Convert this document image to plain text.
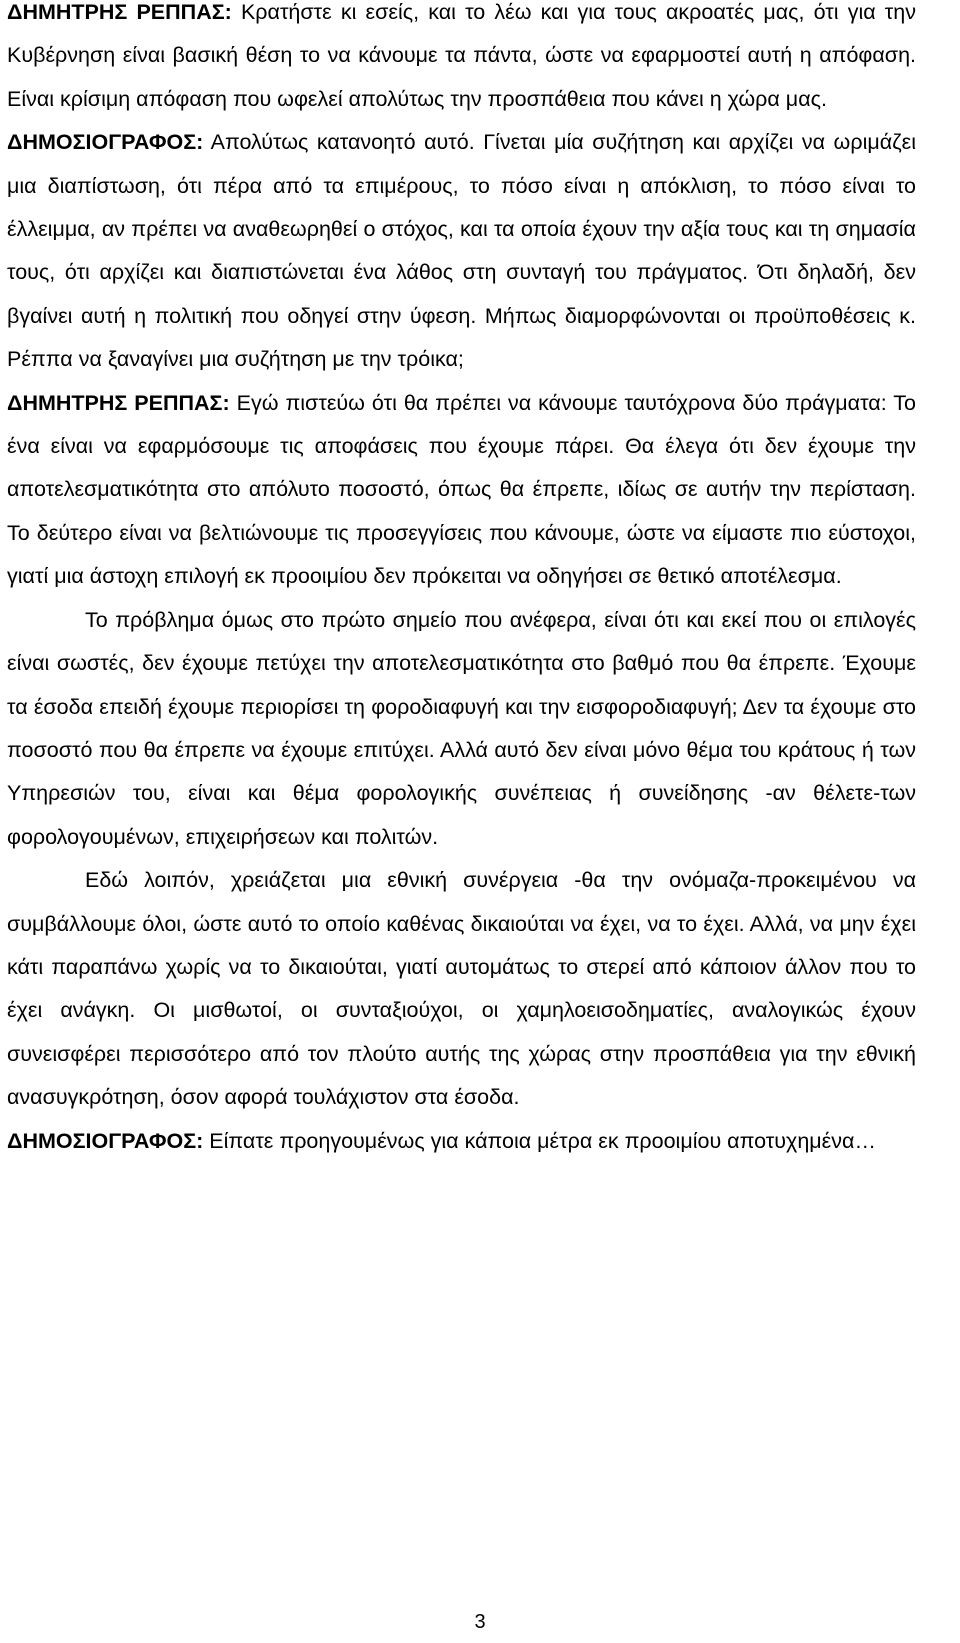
ΔΗΜΗΤΡΗΣ ΡΕΠΠΑΣ: Κρατήστε κι εσείς, και το λέω και για τους ακροατές μας, ότι για την Κυβέρνηση είναι βασική θέση το να κάνουμε τα πάντα, ώστε να εφαρμοστεί αυτή η απόφαση. Είναι κρίσιμη απόφαση που ωφελεί απολύτως την προσπάθεια που κάνει η χώρα μας.

ΔΗΜΟΣΙΟΓΡΑΦΟΣ: Απολύτως κατανοητό αυτό. Γίνεται μία συζήτηση και αρχίζει να ωριμάζει μια διαπίστωση, ότι πέρα από τα επιμέρους, το πόσο είναι η απόκλιση, το πόσο είναι το έλλειμμα, αν πρέπει να αναθεωρηθεί ο στόχος, και τα οποία έχουν την αξία τους και τη σημασία τους, ότι αρχίζει και διαπιστώνεται ένα λάθος στη συνταγή του πράγματος. Ότι δηλαδή, δεν βγαίνει αυτή η πολιτική που οδηγεί στην ύφεση. Μήπως διαμορφώνονται οι προϋποθέσεις κ. Ρέππα να ξαναγίνει μια συζήτηση με την τρόικα;

ΔΗΜΗΤΡΗΣ ΡΕΠΠΑΣ: Εγώ πιστεύω ότι θα πρέπει να κάνουμε ταυτόχρονα δύο πράγματα: Το ένα είναι να εφαρμόσουμε τις αποφάσεις που έχουμε πάρει. Θα έλεγα ότι δεν έχουμε την αποτελεσματικότητα στο απόλυτο ποσοστό, όπως θα έπρεπε, ιδίως σε αυτήν την περίσταση. Το δεύτερο είναι να βελτιώνουμε τις προσεγγίσεις που κάνουμε, ώστε να είμαστε πιο εύστοχοι, γιατί μια άστοχη επιλογή εκ προοιμίου δεν πρόκειται να οδηγήσει σε θετικό αποτέλεσμα.

Το πρόβλημα όμως στο πρώτο σημείο που ανέφερα, είναι ότι και εκεί που οι επιλογές είναι σωστές, δεν έχουμε πετύχει την αποτελεσματικότητα στο βαθμό που θα έπρεπε. Έχουμε τα έσοδα επειδή έχουμε περιορίσει τη φοροδιαφυγή και την εισφοροδιαφυγή; Δεν τα έχουμε στο ποσοστό που θα έπρεπε να έχουμε επιτύχει. Αλλά αυτό δεν είναι μόνο θέμα του κράτους ή των Υπηρεσιών του, είναι και θέμα φορολογικής συνέπειας ή συνείδησης -αν θέλετε-των φορολογουμένων, επιχειρήσεων και πολιτών.

Εδώ λοιπόν, χρειάζεται μια εθνική συνέργεια -θα την ονόμαζα-προκειμένου να συμβάλλουμε όλοι, ώστε αυτό το οποίο καθένας δικαιούται να έχει, να το έχει. Αλλά, να μην έχει κάτι παραπάνω χωρίς να το δικαιούται, γιατί αυτομάτως το στερεί από κάποιον άλλον που το έχει ανάγκη. Οι μισθωτοί, οι συνταξιούχοι, οι χαμηλοεισοδηματίες, αναλογικώς έχουν συνεισφέρει περισσότερο από τον πλούτο αυτής της χώρας στην προσπάθεια για την εθνική ανασυγκρότηση, όσον αφορά τουλάχιστον στα έσοδα.

ΔΗΜΟΣΙΟΓΡΑΦΟΣ: Είπατε προηγουμένως για κάποια μέτρα εκ προοιμίου αποτυχημένα…

3
